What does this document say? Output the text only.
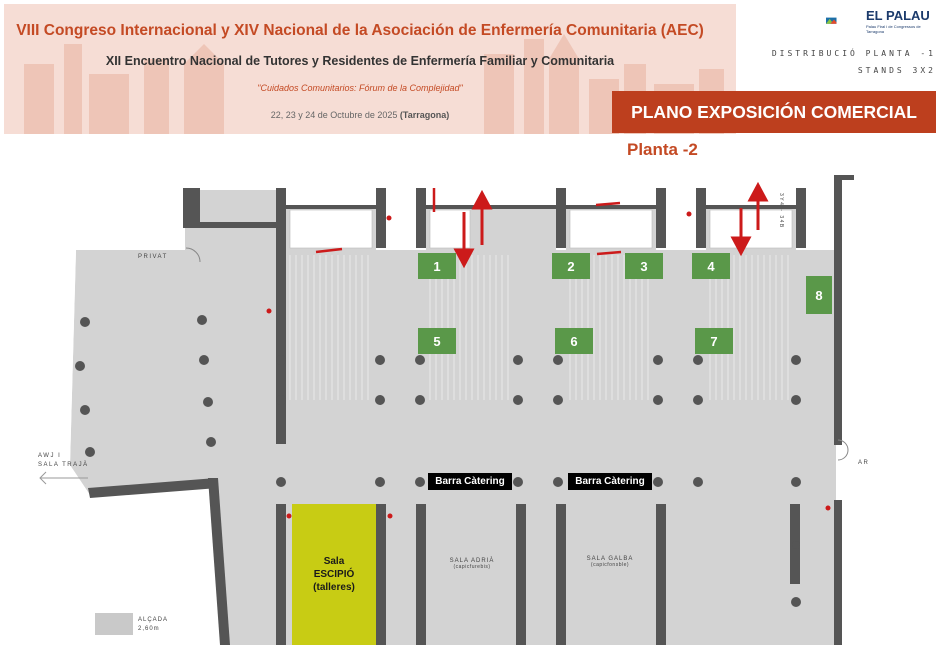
VIII Congreso Internacional y XIV Nacional de la Asociación de Enfermería Comunitaria (AEC)
XII Encuentro Nacional de Tutores y Residentes de Enfermería Familiar y Comunitaria
"Cuidados Comunitarios: Fórum de la Complejidad"
22, 23 y 24 de Octubre de 2025 (Tarragona)
EL PALAU
Palau Firal i de Congressos de Tarragona
DISTRIBUCIÓ PLANTA -1
STANDS 3X2
PLANO EXPOSICIÓN COMERCIAL
Planta -2
1	2	3	4
5	6	7
8
Barra Càtering	Barra Càtering
Sala
ESCIPIÓ
(talleres)
SALA ADRIÀ
(capicfurebis)
SALA GALBA
(capicfonsble)
PRIVAT
AWJ I
SALA TRAJÀ	AR
3Y4 - 34B
ALÇADA
2,60m
